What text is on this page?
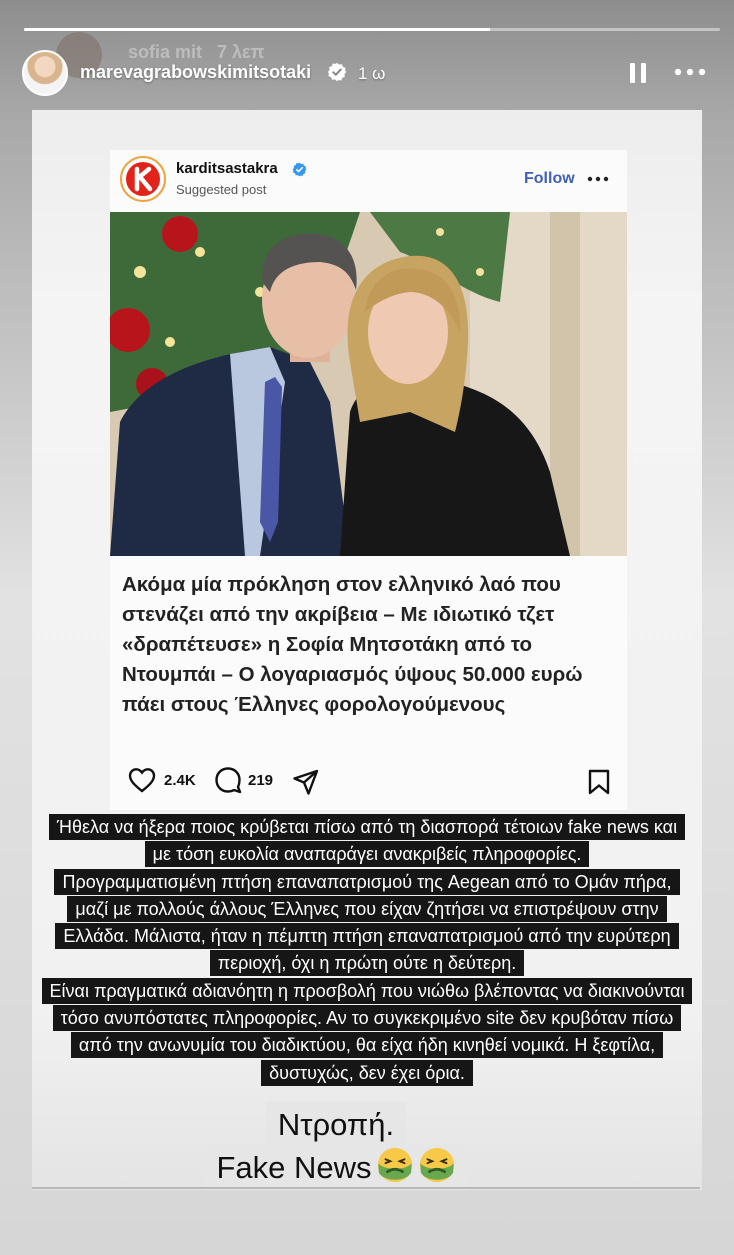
sofia mit 7 λεπ
marevagrabowskimitsotaki	1 ω
karditsastakra
Suggested post
Follow
Ακόμα μία πρόκληση στον ελληνικό λαό που στενάζει από την ακρίβεια – Με ιδιωτικό τζετ «δραπέτευσε» η Σοφία Μητσοτάκη από το Ντουμπάι – Ο λογαριασμός ύψους 50.000 ευρώ πάει στους Έλληνες φορολογούμενους
2.4K	219
Ήθελα να ήξερα ποιος κρύβεται πίσω από τη διασπορά τέτοιων fake news και
με τόση ευκολία αναπαράγει ανακριβείς πληροφορίες.
Προγραμματισμένη πτήση επαναπατρισμού της Aegean από το Ομάν πήρα,
μαζί με πολλούς άλλους Έλληνες που είχαν ζητήσει να επιστρέψουν στην
Ελλάδα. Μάλιστα, ήταν η πέμπτη πτήση επαναπατρισμού από την ευρύτερη
περιοχή, όχι η πρώτη ούτε η δεύτερη.
Είναι πραγματικά αδιανόητη η προσβολή που νιώθω βλέποντας να διακινούνται
τόσο ανυπόστατες πληροφορίες. Αν το συγκεκριμένο site δεν κρυβόταν πίσω
από την ανωνυμία του διαδικτύου, θα είχα ήδη κινηθεί νομικά. Η ξεφτίλα,
δυστυχώς, δεν έχει όρια.
Ντροπή.
Fake News
